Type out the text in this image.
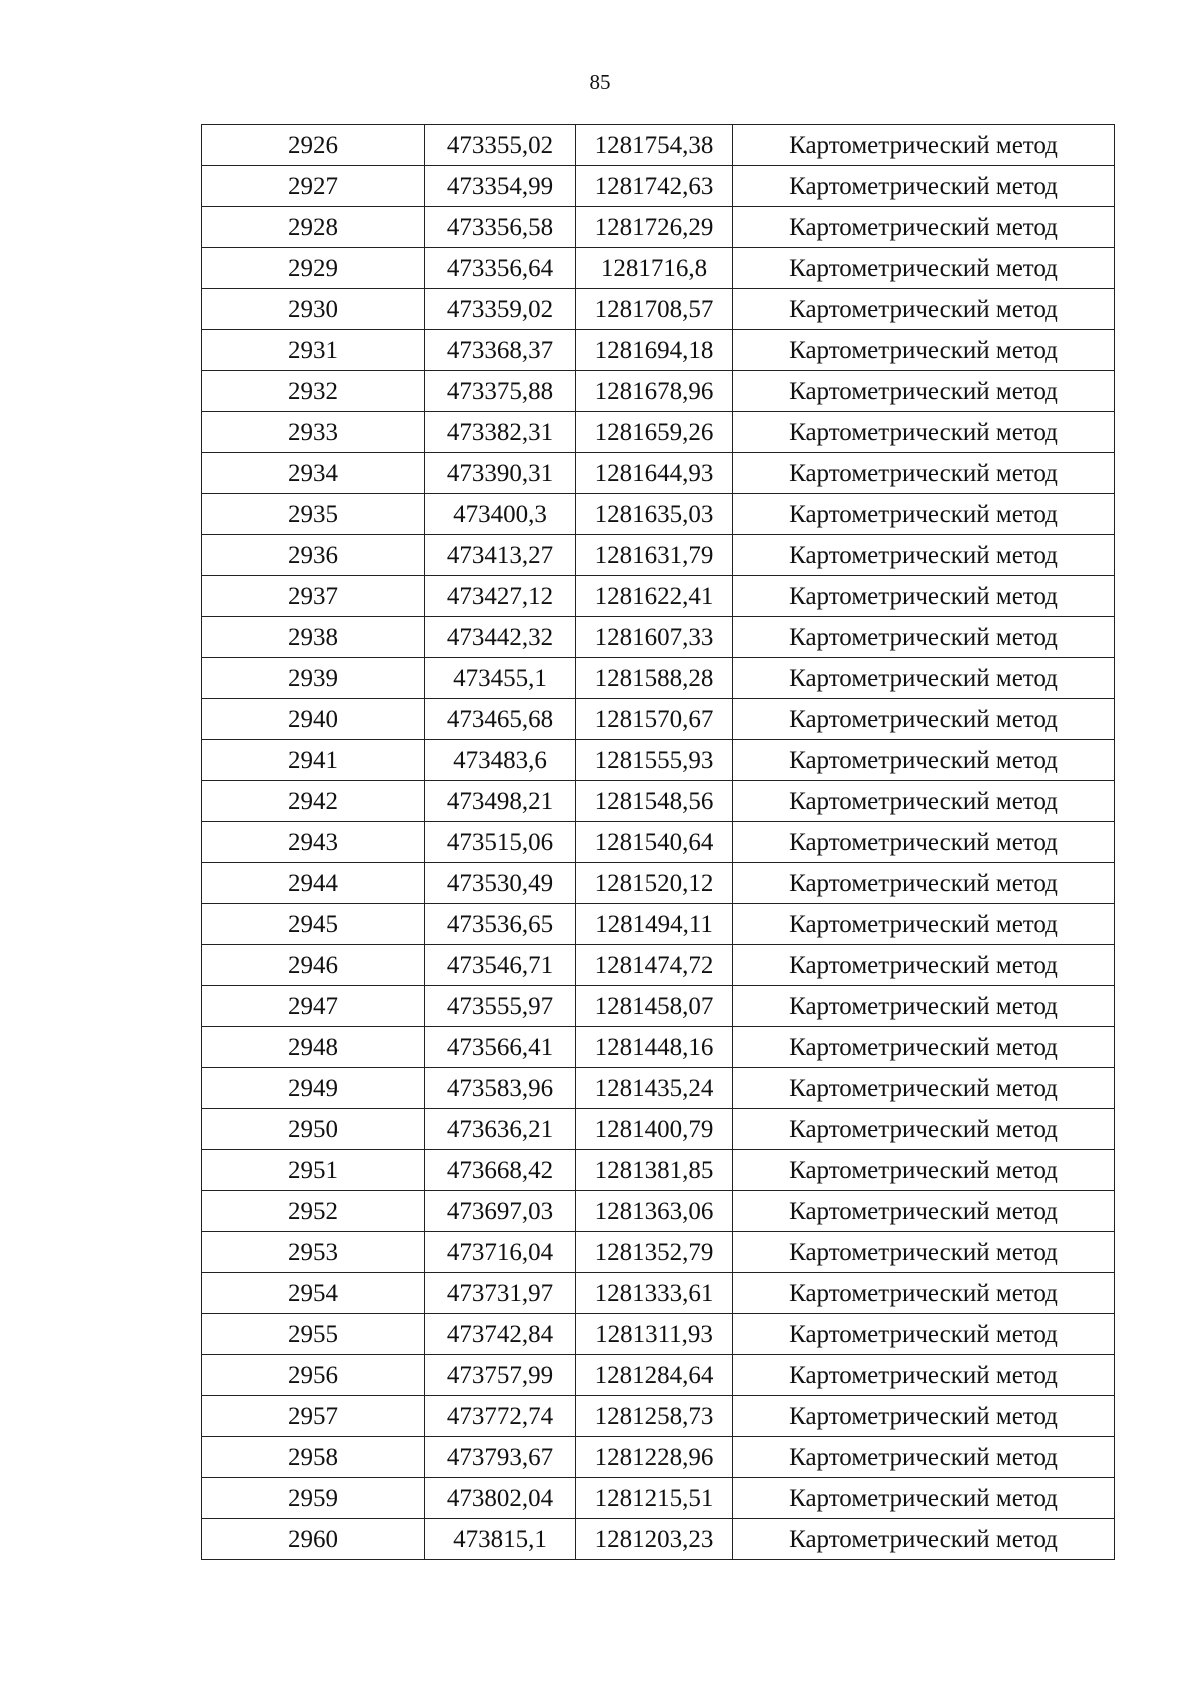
85
2926	473355,02	1281754,38	Картометрический метод
2927	473354,99	1281742,63	Картометрический метод
2928	473356,58	1281726,29	Картометрический метод
2929	473356,64	1281716,8	Картометрический метод
2930	473359,02	1281708,57	Картометрический метод
2931	473368,37	1281694,18	Картометрический метод
2932	473375,88	1281678,96	Картометрический метод
2933	473382,31	1281659,26	Картометрический метод
2934	473390,31	1281644,93	Картометрический метод
2935	473400,3	1281635,03	Картометрический метод
2936	473413,27	1281631,79	Картометрический метод
2937	473427,12	1281622,41	Картометрический метод
2938	473442,32	1281607,33	Картометрический метод
2939	473455,1	1281588,28	Картометрический метод
2940	473465,68	1281570,67	Картометрический метод
2941	473483,6	1281555,93	Картометрический метод
2942	473498,21	1281548,56	Картометрический метод
2943	473515,06	1281540,64	Картометрический метод
2944	473530,49	1281520,12	Картометрический метод
2945	473536,65	1281494,11	Картометрический метод
2946	473546,71	1281474,72	Картометрический метод
2947	473555,97	1281458,07	Картометрический метод
2948	473566,41	1281448,16	Картометрический метод
2949	473583,96	1281435,24	Картометрический метод
2950	473636,21	1281400,79	Картометрический метод
2951	473668,42	1281381,85	Картометрический метод
2952	473697,03	1281363,06	Картометрический метод
2953	473716,04	1281352,79	Картометрический метод
2954	473731,97	1281333,61	Картометрический метод
2955	473742,84	1281311,93	Картометрический метод
2956	473757,99	1281284,64	Картометрический метод
2957	473772,74	1281258,73	Картометрический метод
2958	473793,67	1281228,96	Картометрический метод
2959	473802,04	1281215,51	Картометрический метод
2960	473815,1	1281203,23	Картометрический метод
